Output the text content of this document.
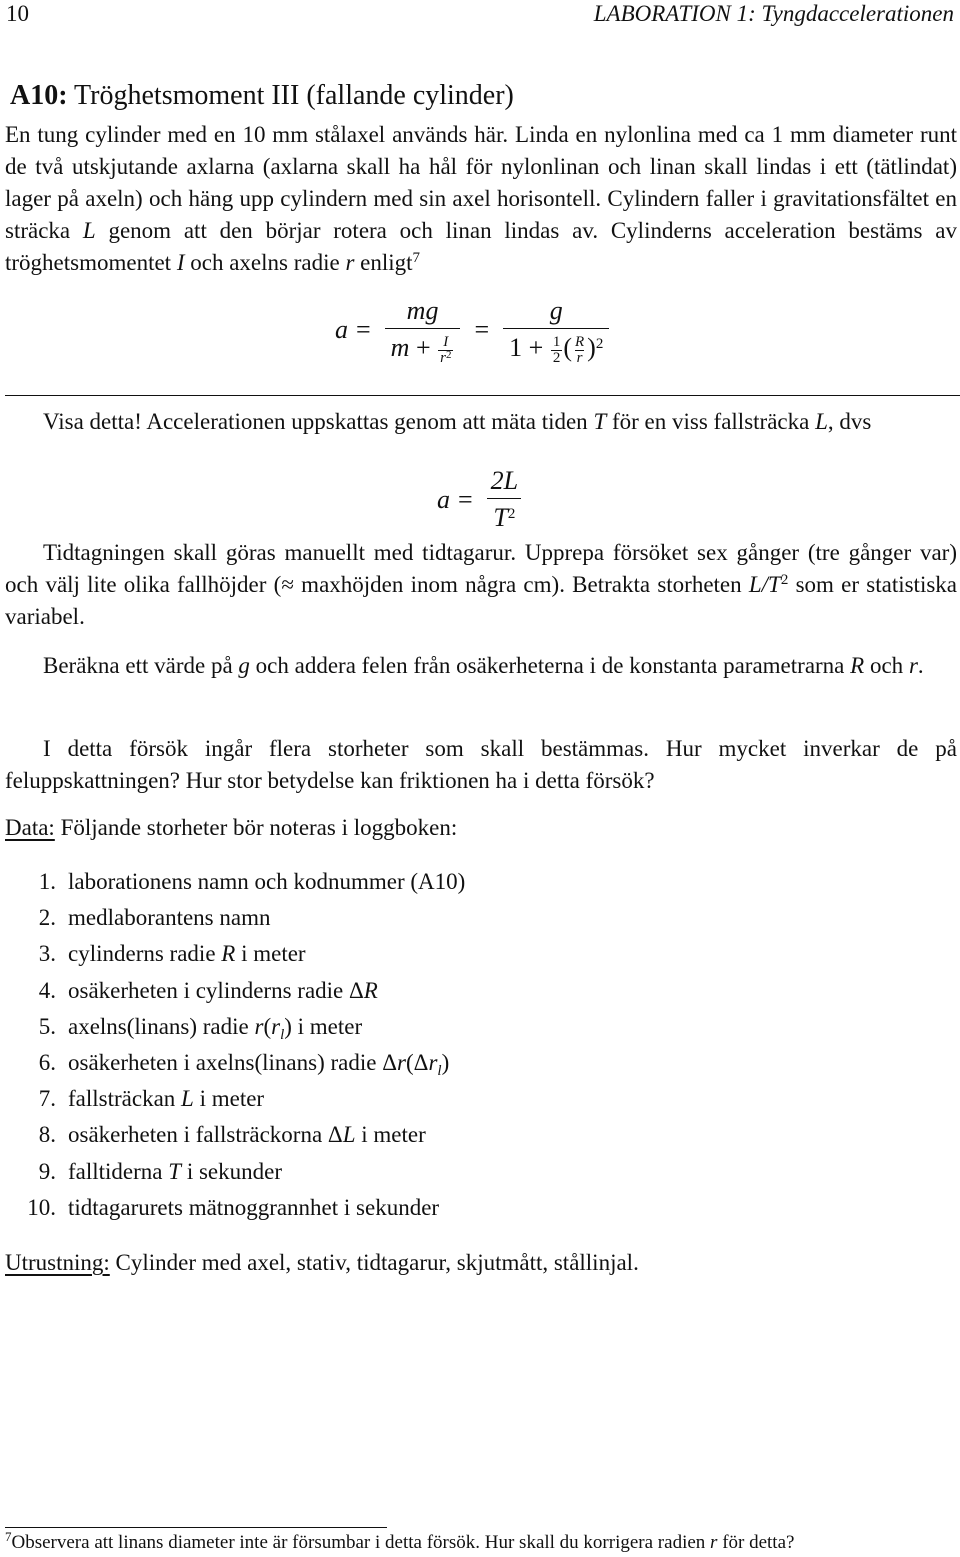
10	LABORATION 1: Tyngdaccelerationen
A10: Tröghetsmoment III (fallande cylinder)
En tung cylinder med en 10 mm stålaxel används här. Linda en nylonlina med ca 1 mm diameter runt de två utskjutande axlarna (axlarna skall ha hål för nylonlinan och linan skall lindas i ett (tätlindat) lager på axeln) och häng upp cylindern med sin axel horisontell. Cylindern faller i gravitationsfältet en sträcka L genom att den börjar rotera och linan lindas av. Cylinderns acceleration bestäms av tröghetsmomentet I och axelns radie r enligt$^7$
$a = \frac{mg}{m + \frac{I}{r^2}} = \frac{g}{1 + \frac{1}{2} ( \frac{R}{r} )^2}$
Visa detta! Accelerationen uppskattas genom att mäta tiden T för en viss fallsträcka L, dvs
$a = \frac{2L}{T^2}$
Tidtagningen skall göras manuellt med tidtagarur. Upprepa försöket sex gånger (tre gånger var) och välj lite olika fallhöjder (≈ maxhöjden inom några cm). Betrakta storheten $L/T^2$ som er statistiska variabel.
Beräkna ett värde på g och addera felen från osäkerheterna i de konstanta parametrarna R och r.
I detta försök ingår flera storheter som skall bestämmas. Hur mycket inverkar de på feluppskattningen? Hur stor betydelse kan friktionen ha i detta försök?
Data: Följande storheter bör noteras i loggboken:
1. laborationens namn och kodnummer (A10)
2. medlaborantens namn
3. cylinderns radie R i meter
4. osäkerheten i cylinderns radie ΔR
5. axelns(linans) radie $r(r_l)$ i meter
6. osäkerheten i axelns(linans) radie $\Delta r(\Delta r_l)$
7. fallsträckan L i meter
8. osäkerheten i fallsträckorna ΔL i meter
9. falltiderna T i sekunder
10. tidtagarurets mätnoggrannhet i sekunder
Utrustning: Cylinder med axel, stativ, tidtagarur, skjutmått, stållinjal.
$^7$Observera att linans diameter inte är försumbar i detta försök. Hur skall du korrigera radien r för detta?
